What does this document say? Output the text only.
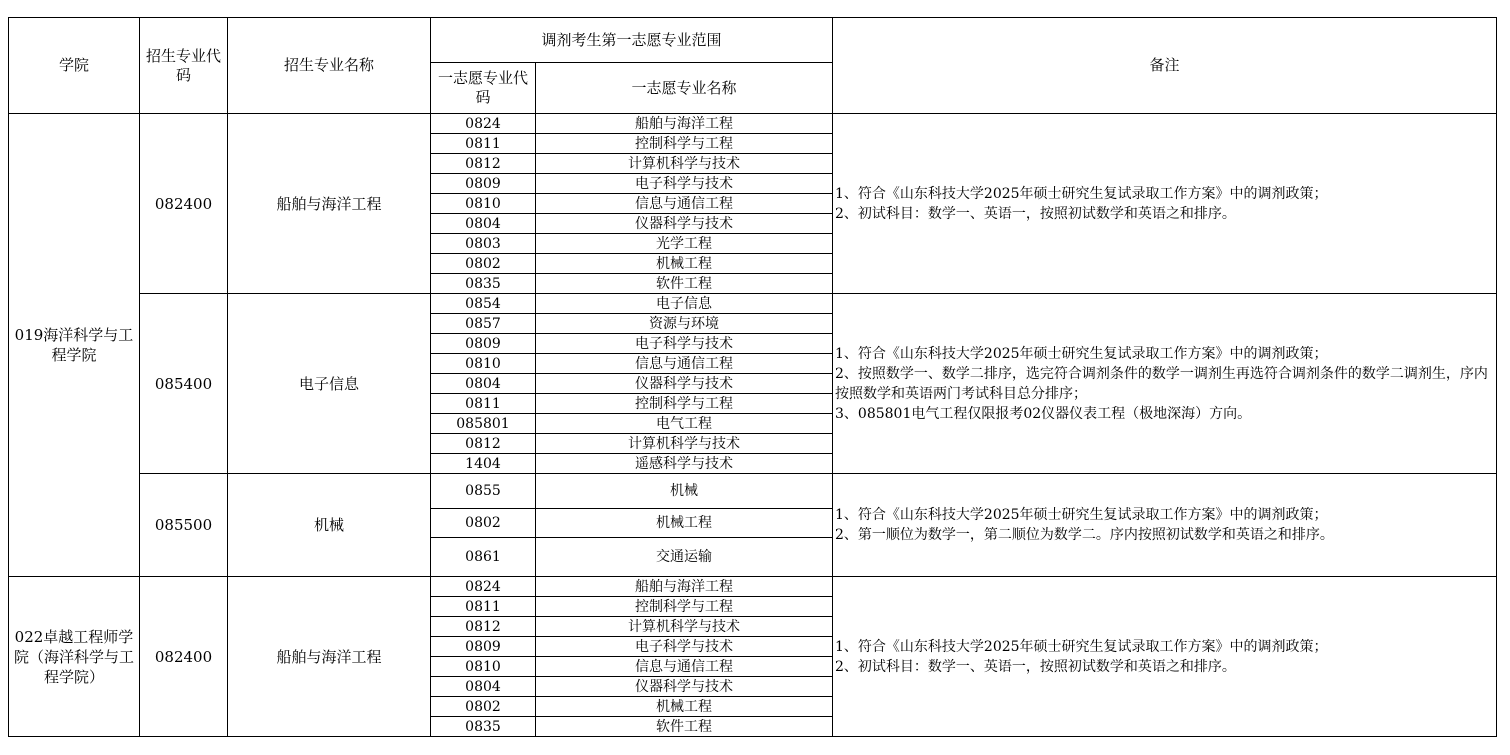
学院	招生专业代码	招生专业名称	调剂考生第一志愿专业范围		备注
			一志愿专业代码	一志愿专业名称	
019海洋科学与工程学院	082400	船舶与海洋工程	0824	船舶与海洋工程	1、符合《山东科技大学2025年硕士研究生复试录取工作方案》中的调剂政策；
2、初试科目：数学一、英语一，按照初试数学和英语之和排序。
			0811	控制科学与工程	
			0812	计算机科学与技术	
			0809	电子科学与技术	
			0810	信息与通信工程	
			0804	仪器科学与技术	
			0803	光学工程	
			0802	机械工程	
			0835	软件工程	
	085400	电子信息	0854	电子信息	1、符合《山东科技大学2025年硕士研究生复试录取工作方案》中的调剂政策；
2、按照数学一、数学二排序，选完符合调剂条件的数学一调剂生再选符合调剂条件的数学二调剂生，序内按照数学和英语两门考试科目总分排序；
3、085801电气工程仅限报考02仪器仪表工程（极地深海）方向。
			0857	资源与环境	
			0809	电子科学与技术	
			0810	信息与通信工程	
			0804	仪器科学与技术	
			0811	控制科学与工程	
			085801	电气工程	
			0812	计算机科学与技术	
			1404	遥感科学与技术	
	085500	机械	0855	机械	1、符合《山东科技大学2025年硕士研究生复试录取工作方案》中的调剂政策；
2、第一顺位为数学一，第二顺位为数学二。序内按照初试数学和英语之和排序。
			0802	机械工程	
			0861	交通运输	
022卓越工程师学院（海洋科学与工程学院）	082400	船舶与海洋工程	0824	船舶与海洋工程	1、符合《山东科技大学2025年硕士研究生复试录取工作方案》中的调剂政策；
2、初试科目：数学一、英语一，按照初试数学和英语之和排序。
			0811	控制科学与工程	
			0812	计算机科学与技术	
			0809	电子科学与技术	
			0810	信息与通信工程	
			0804	仪器科学与技术	
			0802	机械工程	
			0835	软件工程	
